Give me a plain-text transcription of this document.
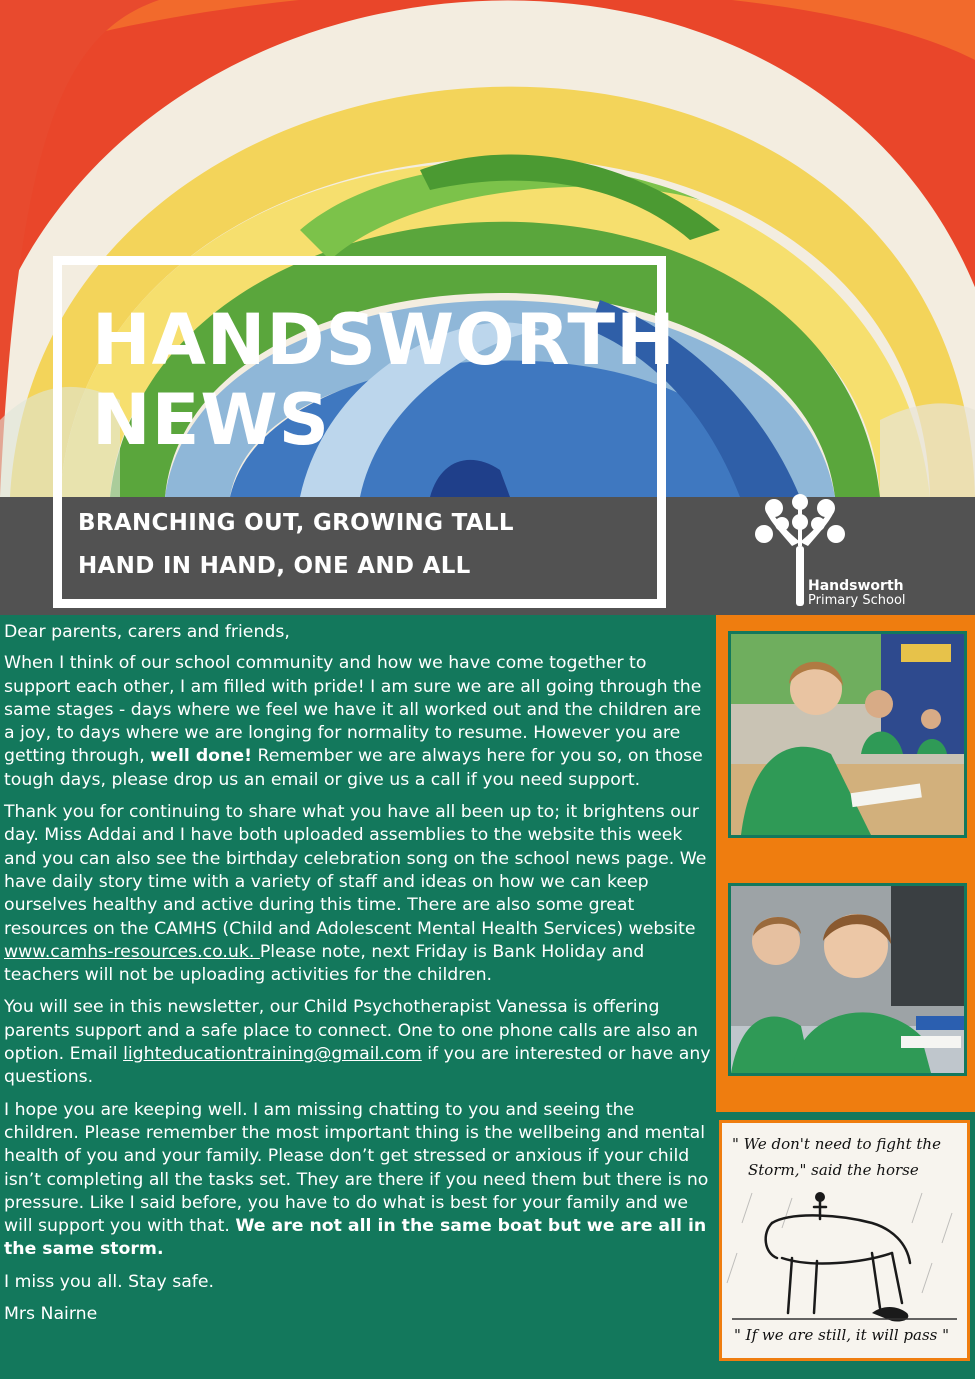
HANDSWORTH
NEWS
BRANCHING OUT, GROWING TALL
HAND IN HAND, ONE AND ALL
Handsworth
Primary School

Dear parents, carers and friends,

When I think of our school community and how we have come together to support each other, I am filled with pride! I am sure we are all going through the same stages - days where we feel we have it all worked out and the children are a joy, to days where we are longing for normality to resume. However you are getting through, well done! Remember we are always here for you so, on those tough days, please drop us an email or give us a call if you need support.

Thank you for continuing to share what you have all been up to; it brightens our day. Miss Addai and I have both uploaded assemblies to the website this week and you can also see the birthday celebration song on the school news page. We have daily story time with a variety of staff and ideas on how we can keep ourselves healthy and active during this time. There are also some great resources on the CAMHS (Child and Adolescent Mental Health Services) website www.camhs-resources.co.uk. Please note, next Friday is Bank Holiday and teachers will not be uploading activities for the children.

You will see in this newsletter, our Child Psychotherapist Vanessa is offering parents support and a safe place to connect. One to one phone calls are also an option. Email lighteducationtraining@gmail.com if you are interested or have any questions.

I hope you are keeping well. I am missing chatting to you and seeing the children. Please remember the most important thing is the wellbeing and mental health of you and your family. Please don’t get stressed or anxious if your child isn’t completing all the tasks set. They are there if you need them but there is no pressure. Like I said before, you have to do what is best for your family and we will support you with that. We are not all in the same boat but we are all in the same storm.

I miss you all. Stay safe.

Mrs Nairne

" We don't need to fight the
Storm," said the horse
" If we are still, it will pass "
